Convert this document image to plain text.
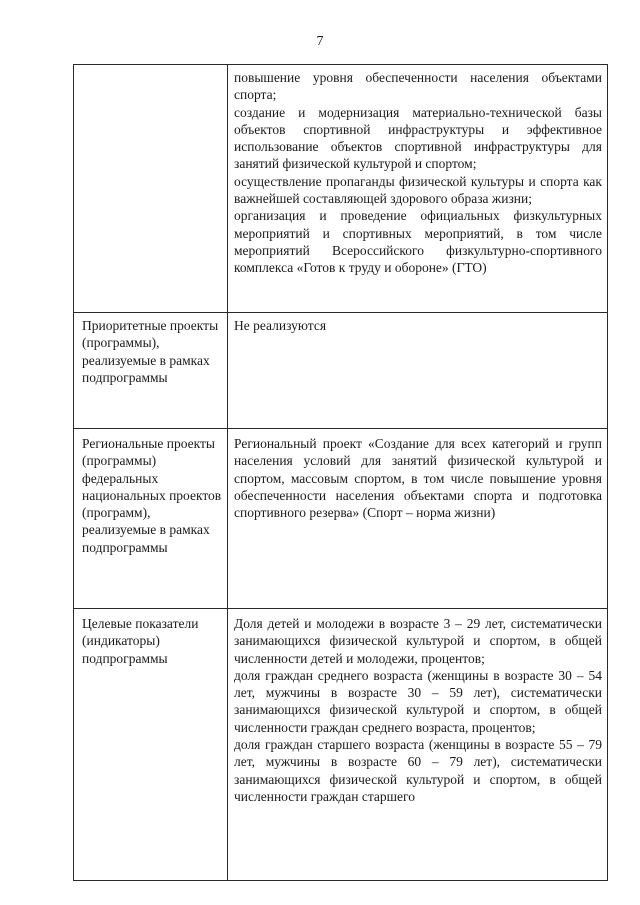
7

	повышение уровня обеспеченности населения объектами спорта;
создание и модернизация материально-технической базы объектов спортивной инфраструктуры и эффективное использование объектов спортивной инфраструктуры для занятий физической культурой и спортом;
осуществление пропаганды физической культуры и спорта как важнейшей составляющей здорового образа жизни;
организация и проведение официальных физкультурных мероприятий и спортивных мероприятий, в том числе мероприятий Всероссийского физкультурно-спортивного комплекса «Готов к труду и обороне» (ГТО)

Приоритетные проекты (программы), реализуемые в рамках подпрограммы	Не реализуются

Региональные проекты (программы) федеральных национальных проектов (программ), реализуемые в рамках подпрограммы	Региональный проект «Создание для всех категорий и групп населения условий для занятий физической культурой и спортом, массовым спортом, в том числе повышение уровня обеспеченности населения объектами спорта и подготовка спортивного резерва» (Спорт – норма жизни)

Целевые показатели (индикаторы) подпрограммы	Доля детей и молодежи в возрасте 3 – 29 лет, систематически занимающихся физической культурой и спортом, в общей численности детей и молодежи, процентов;
доля граждан среднего возраста (женщины в возрасте 30 – 54 лет, мужчины в возрасте 30 – 59 лет), систематически занимающихся физической культурой и спортом, в общей численности граждан среднего возраста, процентов;
доля граждан старшего возраста (женщины в возрасте 55 – 79 лет, мужчины в возрасте 60 – 79 лет), систематически занимающихся физической культурой и спортом, в общей численности граждан старшего
